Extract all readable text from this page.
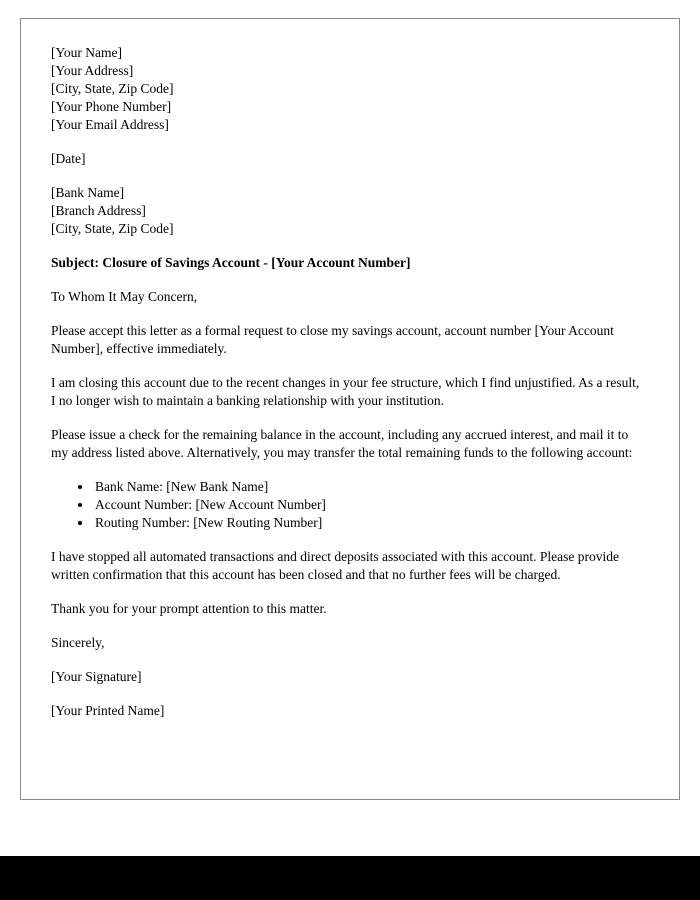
[Your Name]
[Your Address]
[City, State, Zip Code]
[Your Phone Number]
[Your Email Address]
[Date]
[Bank Name]
[Branch Address]
[City, State, Zip Code]
Subject: Closure of Savings Account - [Your Account Number]
To Whom It May Concern,

Please accept this letter as a formal request to close my savings account, account number [Your Account Number], effective immediately.

I am closing this account due to the recent changes in your fee structure, which I find unjustified. As a result, I no longer wish to maintain a banking relationship with your institution.

Please issue a check for the remaining balance in the account, including any accrued interest, and mail it to my address listed above. Alternatively, you may transfer the total remaining funds to the following account:

• Bank Name: [New Bank Name]
• Account Number: [New Account Number]
• Routing Number: [New Routing Number]

I have stopped all automated transactions and direct deposits associated with this account. Please provide written confirmation that this account has been closed and that no further fees will be charged.

Thank you for your prompt attention to this matter.

Sincerely,
[Your Signature]
[Your Printed Name]
